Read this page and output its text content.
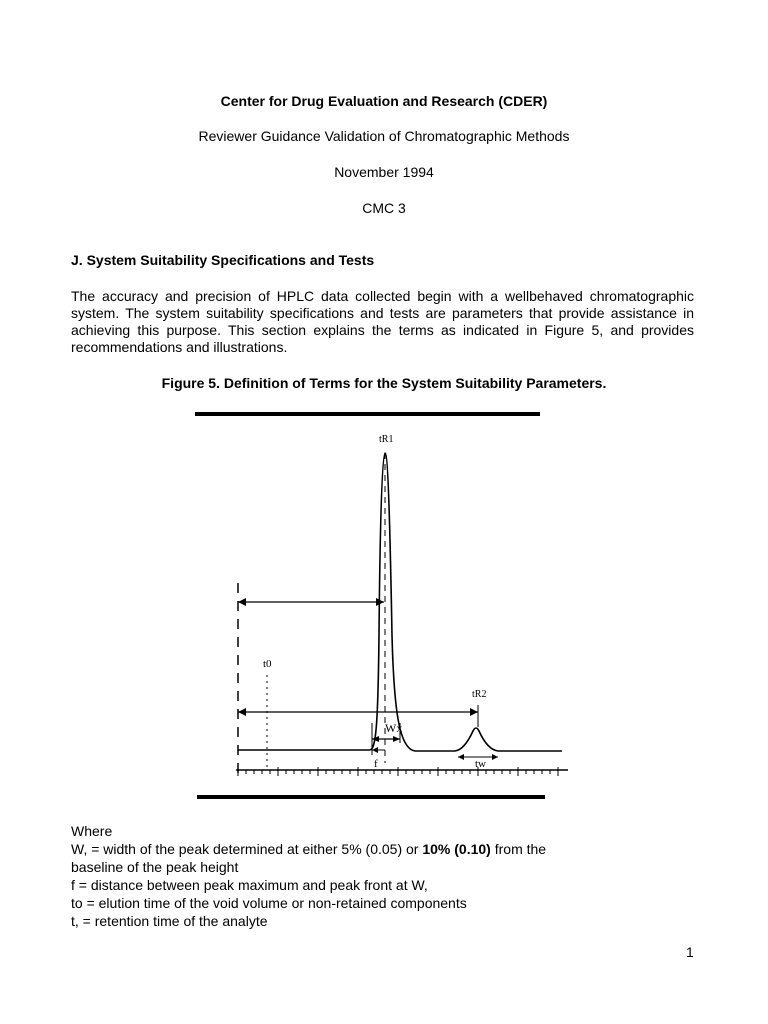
Center for Drug Evaluation and Research (CDER)

Reviewer Guidance Validation of Chromatographic Methods

November 1994

CMC 3

J. System Suitability Specifications and Tests

The accuracy and precision of HPLC data collected begin with a wellbehaved chromatographic system. The system suitability specifications and tests are parameters that provide assistance in achieving this purpose. This section explains the terms as indicated in Figure 5, and provides recommendations and illustrations.

Figure 5. Definition of Terms for the System Suitability Parameters.

tR1
t0
tR2
Wx
f	tw
Where
W, = width of the peak determined at either 5% (0.05) or 10% (0.10) from the
baseline of the peak height
f = distance between peak maximum and peak front at W,
to = elution time of the void volume or non-retained components
t, = retention time of the analyte
1
